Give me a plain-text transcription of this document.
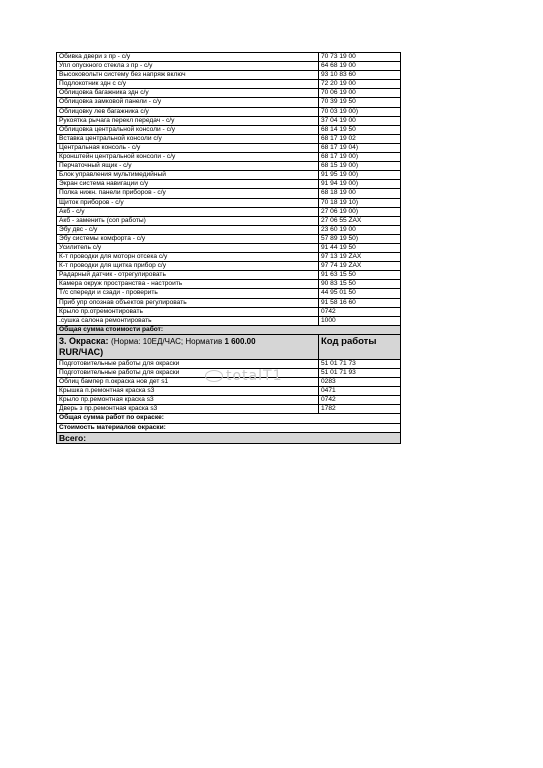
Обивка двери з пр - с/у	70 73 19 00
Упл опускного стекла з пр - с/у	64 68 19 00
Высоковольтн систему без напряж включ	93 10 83 60
Подлокотник здн с с/у	72 20 19 00
Облицовка багажника здн с/у	70 06 19 00
Облицовка замковой панели - с/у	70 39 19 50
Облицовку лев багажника с/у	70 03 19 00)
Рукоятка рычага перекл передач - с/у	37 04 19 00
Облицовка центральной консоли - с/у	68 14 19 50
Вставка центральной консоли с/у	68 17 19 02
Центральная консоль - с/у	68 17 19 04)
Кронштейн центральной консоли - с/у	68 17 19 00)
Перчаточный ящик - с/у	68 15 19 00)
Блок управления мультимедийный	91 95 19 00)
Экран система навигации с/у	91 94 19 00)
Полка нижн. панели приборов - с/у	68 18 19 00
Щиток приборов - с/у	70 18 19 10)
Акб - с/у	27 06 19 00)
Акб - заменить (соп работы)	27 06 55 ZAX
Эбу двс - с/у	23 60 19 00
Эбу системы комфорта - с/у	57 89 19 50)
Усилитель с/у	91 44 19 50
К-т проводки для моторн отсека с/у	97 13 19 ZAX
К-т проводки для щитка прибор с/у	97 74 19 ZAX
Радарный датчик - отрегулировать	91 63 15 50
Камера окруж пространства - настроить	90 83 15 50
Т/с спереди и сзади - проверить	44 95 01 50
Приб упр опознав объектов регулировать	91 58 16 60
Крыло пр.отремонтировать	0742
.сушка салона ремонтировать	1000
Общая сумма стоимости работ:	
3. Окраска: (Норма: 10ЕД/ЧАС; Норматив 1 600.00
RUR/ЧАС)	Код работы
Подготовительные работы для окраски	51 01 71 73
Подготовительные работы для окраски	51 01 71 93
Облиц бампер п.окраска нов дет s1	0283
Крышка п.ремонтная краска s3	0471
Крыло пр.ремонтная краска s3	0742
Дверь з пр.ремонтная краска s3	1782
Общая сумма работ по окраске:	
Стоимость материалов окраски:	
Всего:	
totalT1
